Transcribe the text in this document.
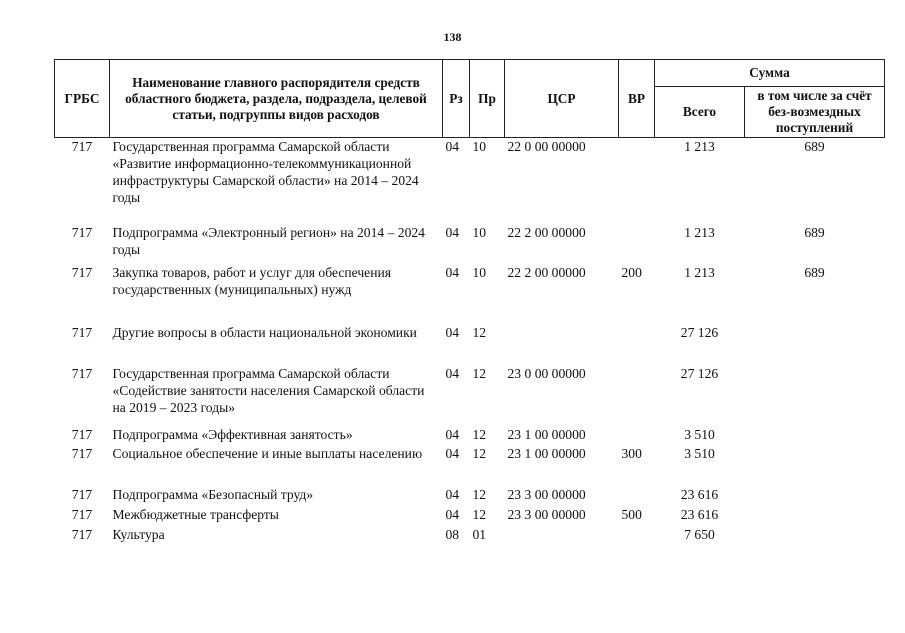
138
ГРБС	Наименование главного распорядителя средств областного бюджета, раздела, подраздела, целевой статьи, подгруппы видов расходов	Рз	Пр	ЦСР	ВР	Сумма	
						Всего	в том числе за счёт без-возмездных поступлений
717	Государственная программа Самарской области «Развитие информационно-телекоммуникационной инфраструктуры Самарской области» на 2014 – 2024 годы	04	10	22 0 00 00000		1 213	689
717	Подпрограмма «Электронный регион» на 2014 – 2024 годы	04	10	22 2 00 00000		1 213	689
717	Закупка товаров, работ и услуг для обеспечения государственных (муниципальных) нужд	04	10	22 2 00 00000	200	1 213	689
717	Другие вопросы в области национальной экономики	04	12			27 126	
717	Государственная программа Самарской области «Содействие занятости населения Самарской области на 2019 – 2023 годы»	04	12	23 0 00 00000		27 126	
717	Подпрограмма «Эффективная занятость»	04	12	23 1 00 00000		3 510	
717	Социальное обеспечение и иные выплаты населению	04	12	23 1 00 00000	300	3 510	
717	Подпрограмма «Безопасный труд»	04	12	23 3 00 00000		23 616	
717	Межбюджетные трансферты	04	12	23 3 00 00000	500	23 616	
717	Культура	08	01			7 650	
